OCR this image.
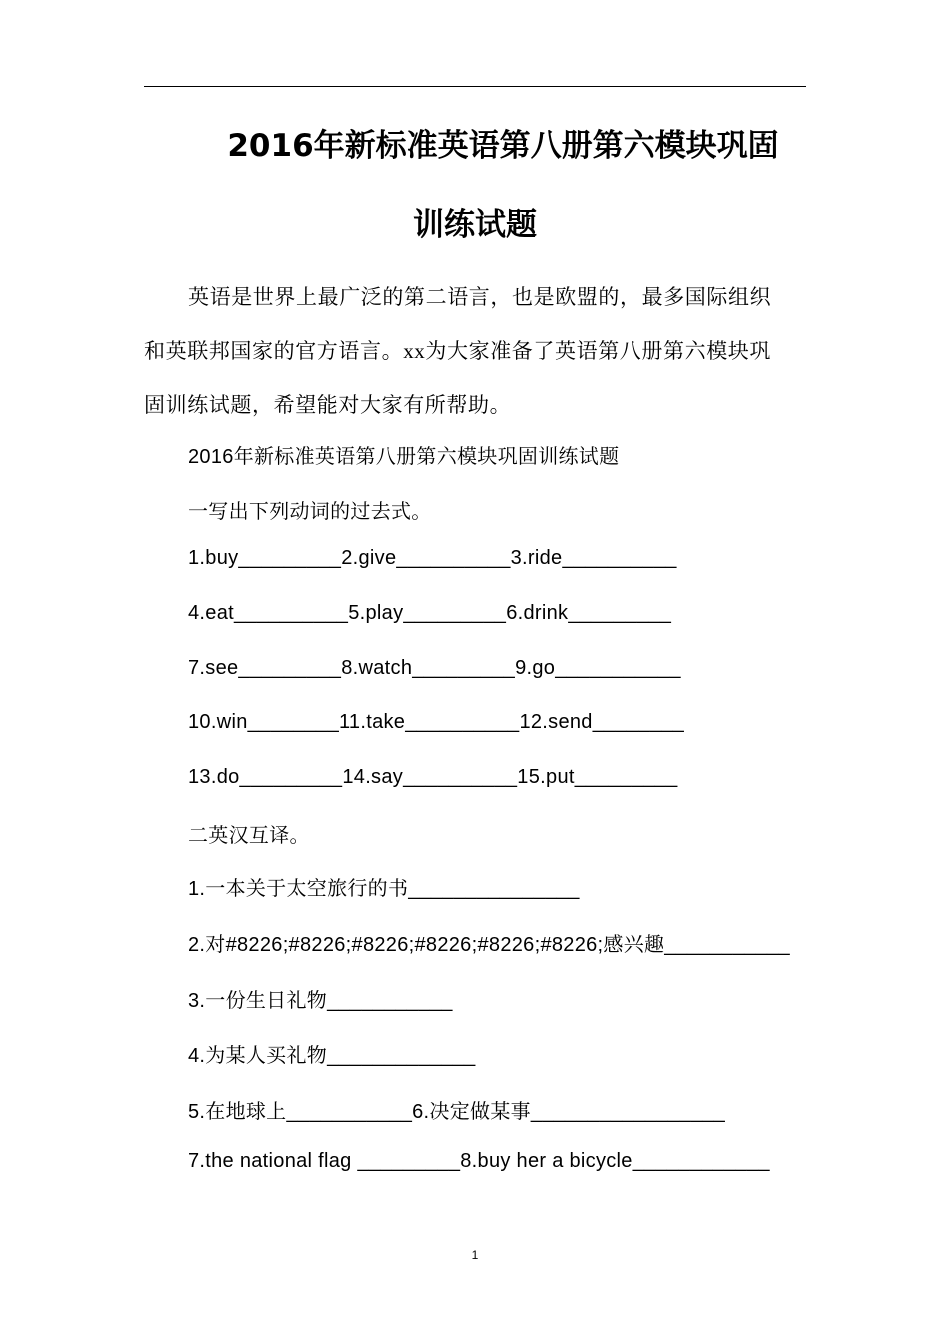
2016年新标准英语第八册第六模块巩固
训练试题
英语是世界上最广泛的第二语言，也是欧盟的，最多国际组织
和英联邦国家的官方语言。xx为大家准备了英语第八册第六模块巩
固训练试题，希望能对大家有所帮助。
2016年新标准英语第八册第六模块巩固训练试题
一写出下列动词的过去式。
1.buy_________2.give__________3.ride__________
4.eat__________5.play_________6.drink_________
7.see_________8.watch_________9.go___________
10.win________11.take__________12.send________
13.do_________14.say__________15.put_________
二英汉互译。
1.一本关于太空旅行的书_______________
2.对#8226;#8226;#8226;#8226;#8226;#8226;感兴趣___________
3.一份生日礼物___________
4.为某人买礼物_____________
5.在地球上___________6.决定做某事_________________
7.the national flag _________8.buy her a bicycle____________
1
